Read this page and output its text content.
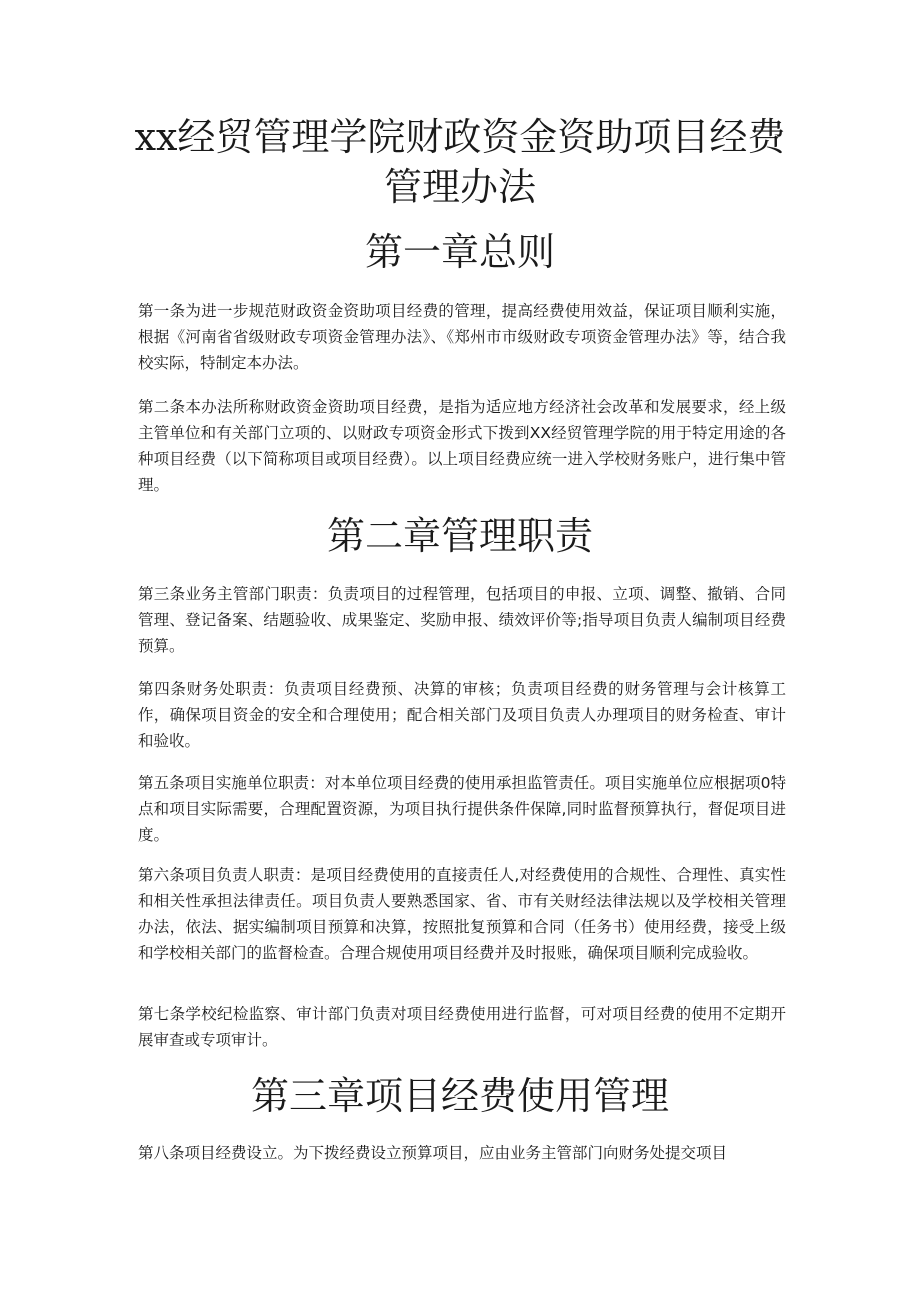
xx经贸管理学院财政资金资助项目经费
管理办法
第一章总则

第一条为进一步规范财政资金资助项目经费的管理，提高经费使用效益，保证项目顺利实施，根据《河南省省级财政专项资金管理办法》、《郑州市市级财政专项资金管理办法》等，结合我校实际，特制定本办法。

第二条本办法所称财政资金资助项目经费，是指为适应地方经济社会改革和发展要求，经上级主管单位和有关部门立项的、以财政专项资金形式下拨到XX经贸管理学院的用于特定用途的各种项目经费（以下简称项目或项目经费）。以上项目经费应统一进入学校财务账户，进行集中管理。

第二章管理职责

第三条业务主管部门职责：负责项目的过程管理，包括项目的申报、立项、调整、撤销、合同管理、登记备案、结题验收、成果鉴定、奖励申报、绩效评价等;指导项目负责人编制项目经费预算。

第四条财务处职责：负责项目经费预、决算的审核；负责项目经费的财务管理与会计核算工作，确保项目资金的安全和合理使用；配合相关部门及项目负责人办理项目的财务检查、审计和验收。

第五条项目实施单位职责：对本单位项目经费的使用承担监管责任。项目实施单位应根据项0特点和项目实际需要，合理配置资源，为项目执行提供条件保障,同时监督预算执行，督促项目进度。

第六条项目负责人职责：是项目经费使用的直接责任人,对经费使用的合规性、合理性、真实性和相关性承担法律责任。项目负责人要熟悉国家、省、市有关财经法律法规以及学校相关管理办法，依法、据实编制项目预算和决算，按照批复预算和合同（任务书）使用经费，接受上级和学校相关部门的监督检查。合理合规使用项目经费并及时报账，确保项目顺利完成验收。

第七条学校纪检监察、审计部门负责对项目经费使用进行监督，可对项目经费的使用不定期开展审查或专项审计。

第三章项目经费使用管理

第八条项目经费设立。为下拨经费设立预算项目，应由业务主管部门向财务处提交项目
